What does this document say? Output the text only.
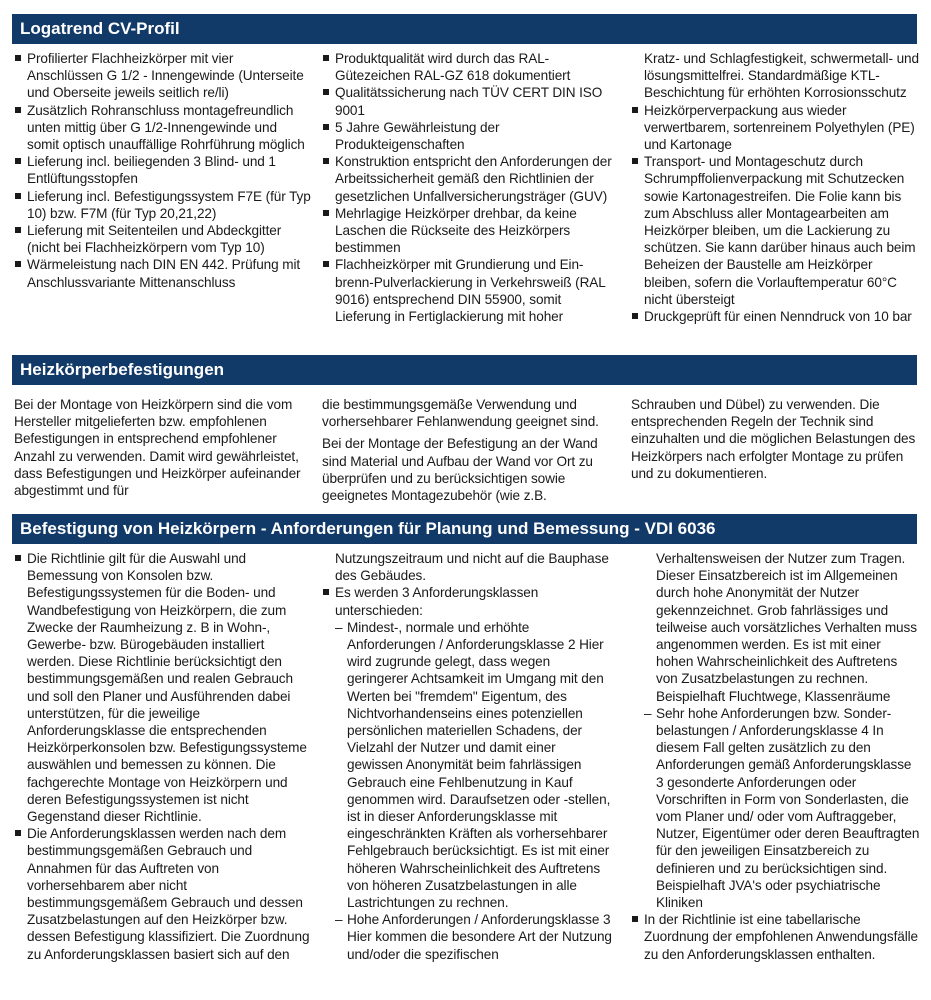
Logatrend CV-Profil
Profilierter Flachheizkörper mit vier Anschlüssen G 1/2 - Innengewinde (Unterseite und Oberseite jeweils seitlich re/li)
Zusätzlich Rohranschluss montagefreundlich unten mittig über G 1/2-Innengewinde und somit optisch unauffällige Rohrführung möglich
Lieferung incl. beiliegenden 3 Blind- und 1 Entlüftungsstopfen
Lieferung incl. Befestigungssystem F7E (für Typ 10) bzw. F7M (für Typ 20,21,22)
Lieferung mit Seitenteilen und Abdeckgitter (nicht bei Flachheizkörpern vom Typ 10)
Wärmeleistung nach DIN EN 442. Prüfung mit Anschlussvariante Mittenanschluss
Produktqualität wird durch das RAL-Gütezeichen RAL-GZ 618 dokumentiert
Qualitätssicherung nach TÜV CERT DIN ISO 9001
5 Jahre Gewährleistung der Produkteigenschaften
Konstruktion entspricht den Anforderungen der Arbeitssicherheit gemäß den Richtlinien der gesetzlichen Unfallversicherungsträger (GUV)
Mehrlagige Heizkörper drehbar, da keine Laschen die Rückseite des Heizkörpers bestimmen
Flachheizkörper mit Grundierung und Ein-brenn-Pulverlackierung in Verkehrsweiß (RAL 9016) entsprechend DIN 55900, somit Lieferung in Fertiglackierung mit hoher
Kratz- und Schlagfestigkeit, schwermetall- und lösungsmittelfrei. Standardmäßige KTL-Beschichtung für erhöhten Korrosionsschutz
Heizkörperverpackung aus wieder verwertbarem, sortenreinem Polyethylen (PE) und Kartonage
Transport- und Montageschutz durch Schrumpffolienverpackung mit Schutzecken sowie Kartonagestreifen. Die Folie kann bis zum Abschluss aller Montagearbeiten am Heizkörper bleiben, um die Lackierung zu schützen. Sie kann darüber hinaus auch beim Beheizen der Baustelle am Heizkörper bleiben, sofern die Vorlauftemperatur 60°C nicht übersteigt
Druckgeprüft für einen Nenndruck von 10 bar
Heizkörperbefestigungen

Bei der Montage von Heizkörpern sind die vom Hersteller mitgelieferten bzw. empfohlenen Befestigungen in entsprechend empfohlener Anzahl zu verwenden. Damit wird gewährleistet, dass Befestigungen und Heizkörper aufeinander abgestimmt und für

die bestimmungsgemäße Verwendung und vorhersehbarer Fehlanwendung geeignet sind.

Bei der Montage der Befestigung an der Wand sind Material und Aufbau der Wand vor Ort zu überprüfen und zu berücksichtigen sowie geeignetes Montagezubehör (wie z.B.

Schrauben und Dübel) zu verwenden. Die entsprechenden Regeln der Technik sind einzuhalten und die möglichen Belastungen des Heizkörpers nach erfolgter Montage zu prüfen und zu dokumentieren.

Befestigung von Heizkörpern - Anforderungen für Planung und Bemessung - VDI 6036
Die Richtlinie gilt für die Auswahl und Bemessung von Konsolen bzw. Befestigungssystemen für die Boden- und Wandbefestigung von Heizkörpern, die zum Zwecke der Raumheizung z. B in Wohn-, Gewerbe- bzw. Bürogebäuden installiert werden. Diese Richtlinie berücksichtigt den bestimmungsgemäßen und realen Gebrauch und soll den Planer und Ausführenden dabei unterstützen, für die jeweilige Anforderungsklasse die entsprechenden Heizkörperkonsolen bzw. Befestigungssysteme auswählen und bemessen zu können. Die fachgerechte Montage von Heizkörpern und deren Befestigungssystemen ist nicht Gegenstand dieser Richtlinie.
Die Anforderungsklassen werden nach dem bestimmungsgemäßen Gebrauch und Annahmen für das Auftreten von vorhersehbarem aber nicht bestimmungsgemäßem Gebrauch und dessen Zusatzbelastungen auf den Heizkörper bzw. dessen Befestigung klassifiziert. Die Zuordnung zu Anforderungsklassen basiert sich auf den
Nutzungszeitraum und nicht auf die Bauphase des Gebäudes.
Es werden 3 Anforderungsklassen unterschieden:
– Mindest-, normale und erhöhte Anforderungen / Anforderungsklasse 2 Hier wird zugrunde gelegt, dass wegen geringerer Achtsamkeit im Umgang mit den Werten bei "fremdem" Eigentum, des Nichtvorhandenseins eines potenziellen persönlichen materiellen Schadens, der Vielzahl der Nutzer und damit einer gewissen Anonymität beim fahrlässigen Gebrauch eine Fehlbenutzung in Kauf genommen wird. Daraufsetzen oder -stellen, ist in dieser Anforderungsklasse mit eingeschränkten Kräften als vorhersehbarer Fehlgebrauch berücksichtigt. Es ist mit einer höheren Wahrscheinlichkeit des Auftretens von höheren Zusatzbelastungen in alle Lastrichtungen zu rechnen.
– Hohe Anforderungen / Anforderungsklasse 3 Hier kommen die besondere Art der Nutzung und/oder die spezifischen
Verhaltensweisen der Nutzer zum Tragen. Dieser Einsatzbereich ist im Allgemeinen durch hohe Anonymität der Nutzer gekennzeichnet. Grob fahrlässiges und teilweise auch vorsätzliches Verhalten muss angenommen werden. Es ist mit einer hohen Wahrscheinlichkeit des Auftretens von Zusatzbelastungen zu rechnen. Beispielhaft Fluchtwege, Klassenräume
– Sehr hohe Anforderungen bzw. Sonder-belastungen / Anforderungsklasse 4 In diesem Fall gelten zusätzlich zu den Anforderungen gemäß Anforderungsklasse 3 gesonderte Anforderungen oder Vorschriften in Form von Sonderlasten, die vom Planer und/ oder vom Auftraggeber, Nutzer, Eigentümer oder deren Beauftragten für den jeweiligen Einsatzbereich zu definieren und zu berücksichtigen sind. Beispielhaft JVA's oder psychiatrische Kliniken
In der Richtlinie ist eine tabellarische Zuordnung der empfohlenen Anwendungsfälle zu den Anforderungsklassen enthalten.
